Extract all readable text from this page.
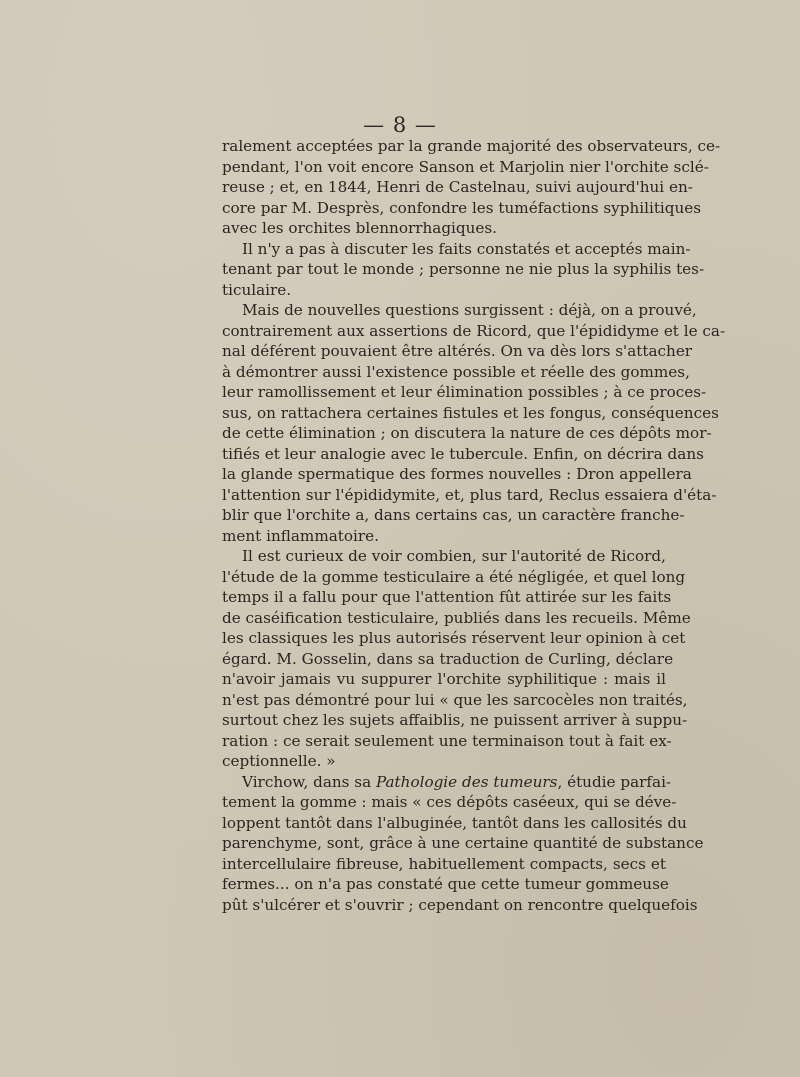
— 8 —
ralement acceptées par la grande majorité des observateurs, ce-
pendant, l'on voit encore Sanson et Marjolin nier l'orchite sclé-
reuse ; et, en 1844, Henri de Castelnau, suivi aujourd'hui en-
core par M. Desprès, confondre les tuméfactions syphilitiques
avec les orchites blennorrhagiques.
Il n'y a pas à discuter les faits constatés et acceptés main-
tenant par tout le monde ; personne ne nie plus la syphilis tes-
ticulaire.
Mais de nouvelles questions surgissent : déjà, on a prouvé,
contrairement aux assertions de Ricord, que l'épididyme et le ca-
nal déférent pouvaient être altérés. On va dès lors s'attacher
à démontrer aussi l'existence possible et réelle des gommes,
leur ramollissement et leur élimination possibles ; à ce proces-
sus, on rattachera certaines fistules et les fongus, conséquences
de cette élimination ; on discutera la nature de ces dépôts mor-
tifiés et leur analogie avec le tubercule. Enfin, on décrira dans
la glande spermatique des formes nouvelles : Dron appellera
l'attention sur l'épididymite, et, plus tard, Reclus essaiera d'éta-
blir que l'orchite a, dans certains cas, un caractère franche-
ment inflammatoire.
Il est curieux de voir combien, sur l'autorité de Ricord,
l'étude de la gomme testiculaire a été négligée, et quel long
temps il a fallu pour que l'attention fût attirée sur les faits
de caséification testiculaire, publiés dans les recueils. Même
les classiques les plus autorisés réservent leur opinion à cet
égard. M. Gosselin, dans sa traduction de Curling, déclare
n'avoir jamais vu suppurer l'orchite syphilitique : mais il
n'est pas démontré pour lui « que les sarcocèles non traités,
surtout chez les sujets affaiblis, ne puissent arriver à suppu-
ration : ce serait seulement une terminaison tout à fait ex-
ceptionnelle. »
Virchow, dans sa Pathologie des tumeurs, étudie parfai-
tement la gomme : mais « ces dépôts caséeux, qui se déve-
loppent tantôt dans l'albuginée, tantôt dans les callosités du
parenchyme, sont, grâce à une certaine quantité de substance
intercellulaire fibreuse, habituellement compacts, secs et
fermes... on n'a pas constaté que cette tumeur gommeuse
pût s'ulcérer et s'ouvrir ; cependant on rencontre quelquefois
